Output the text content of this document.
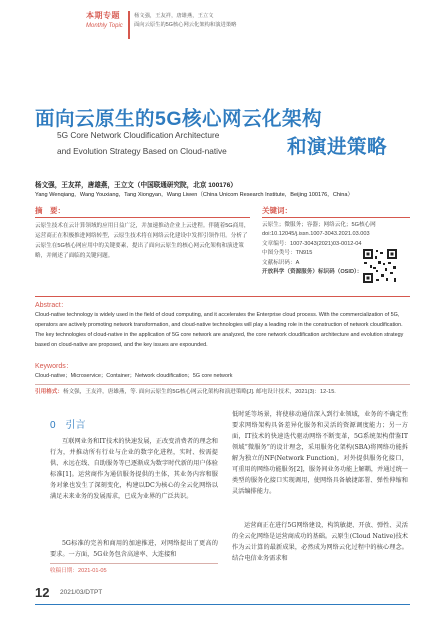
本期专题
Monthly Topic
杨文强，王友祥，唐雄燕，王立文
面向云原生的5G核心网云化架构和演进策略
面向云原生的5G核心网云化架构
5G Core Network Cloudification Architecture
and Evolution Strategy Based on Cloud-native	和演进策略
杨文强，王友祥，唐雄燕，王立文（中国联通研究院，北京 100176）
Yang Wenqiang，Wang Youxiang，Tang Xiongyan，Wang Liwen（China Unicom Research Institute，Beijing 100176，China）
摘　要：
云原生技术在云计算领域的应用日益广泛，并加速推动企业上云进程。伴随着5G商用，运营商正在积极推进网络转型，云原生技术将在网络云化建设中发挥引领作用。分析了云原生在5G核心网应用中的关键要素，提出了面向云原生的核心网云化架构和演进策略，并阐述了面临的关键问题。
关键词：
云原生；微服务；容器；网络云化；5G核心网
doi:10.12045/j.issn.1007-3043.2021.03.003
文章编号：1007-3043(2021)03-0012-04
中图分类号：TN915
文献标识码：A
开放科学（资源服务）标识码（OSID）：
Abstract：
Cloud-native technology is widely used in the field of cloud computing, and it accelerates the Enterprise cloud process. With the commercialization of 5G, operators are actively promoting network transformation, and cloud-native technologies will play a leading role in the construction of network cloudification. The key technologies of cloud-native in the application of 5G core network are analyzed, the core network cloudification architecture and evolution strategy based on cloud-native are proposed, and the key issues are expounded.
Keywords：
Cloud-native；Microservice；Container；Network cloudification；5G core network
引用格式：杨文强，王友祥，唐雄燕，等. 面向云原生的5G核心网云化架构和演进策略[J]. 邮电设计技术，2021(3)：12-15.
0　引言
互联网业务和IT技术的快速发展，正改变消费者的理念和行为，并推动所有行业与企业的数字化进程，实时、按需提供、永远在线、自助服务等已逐渐成为数字时代新的用户体验标准[1]。运营商作为通信服务提供的主体，其业务内容和服务对象也发生了深刻变化，构建以DC为核心的全云化网络以满足未来业务的发展需求，已成为业界的广泛共识。
5G标准的完善和商用的加速推进，对网络提出了更高的要求。一方面，5G业务包含高速率、大连接和
低时延等场景，将使移动通信深入到行业领域，业务的不确定性要求网络架构具备差异化服务和灵活的资源调度能力；另一方面，IT技术的快速迭代驱动网络不断变革，5G系统架构借鉴IT领域“微服务”的设计理念，采用服务化架构(SBA)将网络功能拆解为独立的NF(Network Function)，对外提供服务化接口，可重用的网络功能服务[2]，服务间业务功能上解耦，并通过统一类型的服务化接口实现调用，使网络具备敏捷部署、弹性伸缩和灵活编排能力。
运营商正在进行5G网络建设，构筑敏捷、开放、弹性、灵活的全云化网络是运营商成功的基础。云原生(Cloud Native)技术作为云计算的最新成果，必然成为网络云化过程中的核心理念。结合电信业务需求和
收稿日期：2021-01-05
12 2021/03/DTPT
